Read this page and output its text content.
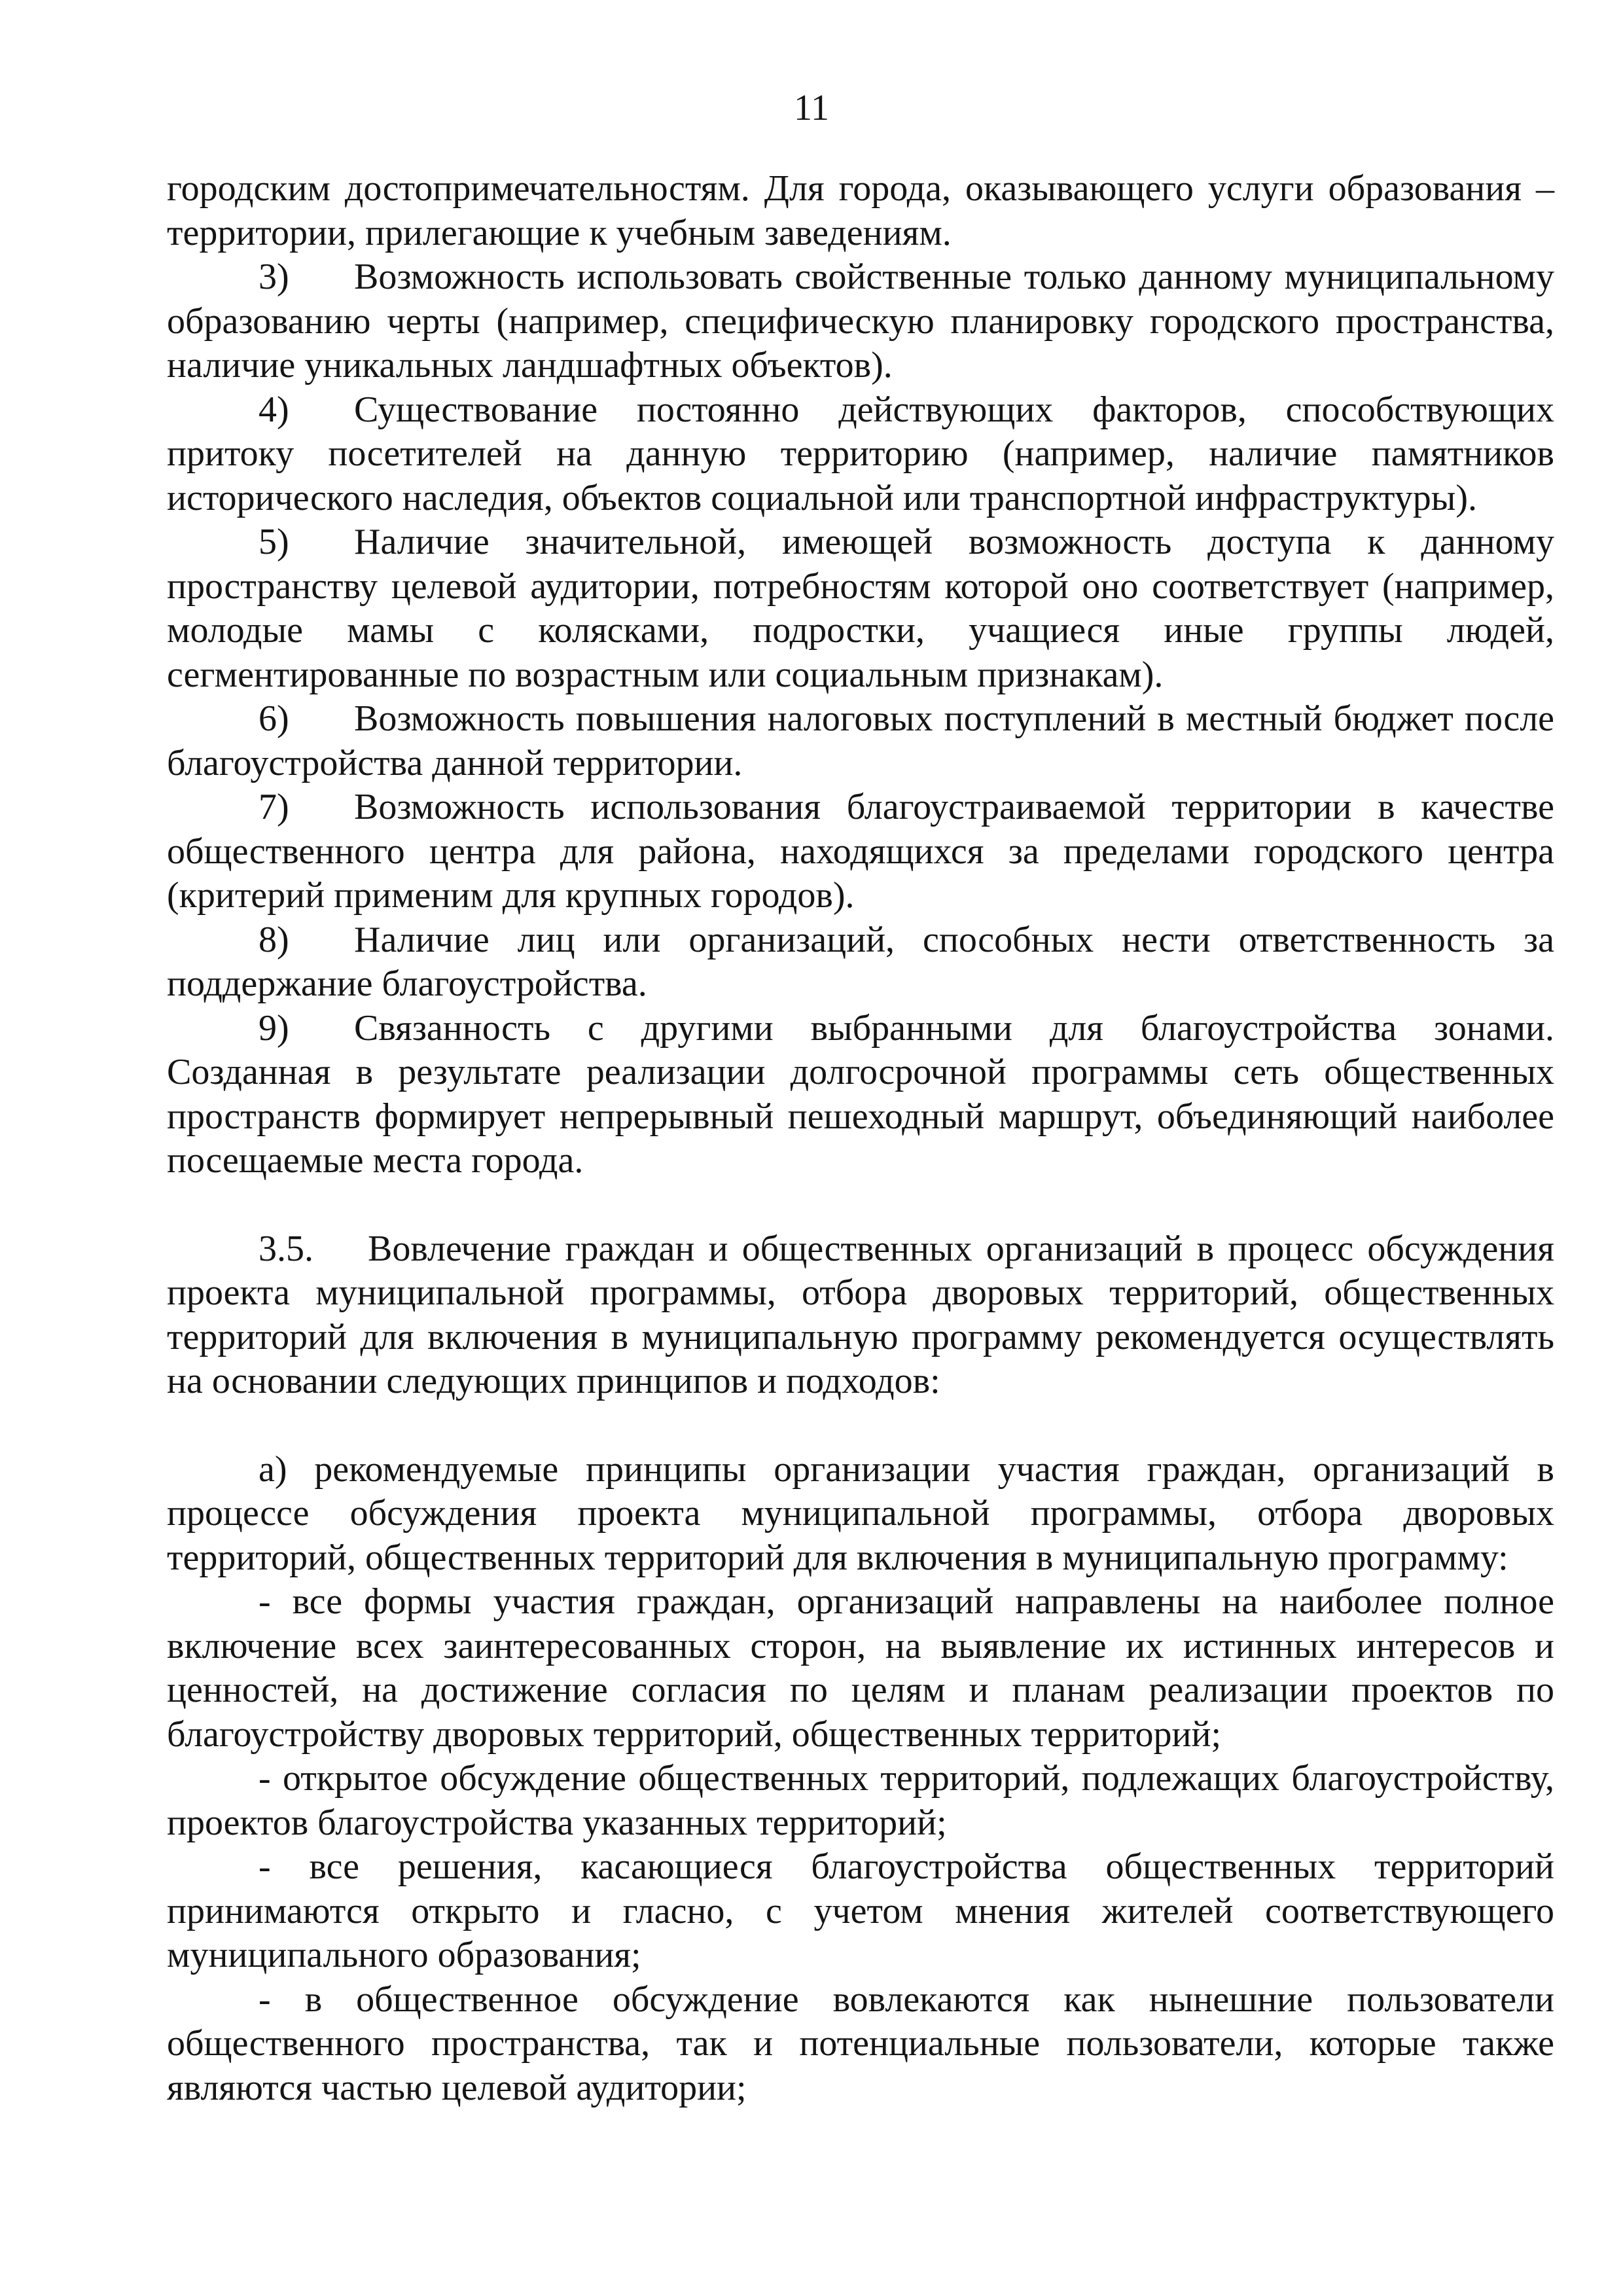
11

городским достопримечательностям. Для города, оказывающего услуги образования – территории, прилегающие к учебным заведениям.

3) Возможность использовать свойственные только данному муниципальному образованию черты (например, специфическую планировку городского пространства, наличие уникальных ландшафтных объектов).

4) Существование постоянно действующих факторов, способствующих притоку посетителей на данную территорию (например, наличие памятников исторического наследия, объектов социальной или транспортной инфраструктуры).

5) Наличие значительной, имеющей возможность доступа к данному пространству целевой аудитории, потребностям которой оно соответствует (например, молодые мамы с колясками, подростки, учащиеся иные группы людей, сегментированные по возрастным или социальным признакам).

6) Возможность повышения налоговых поступлений в местный бюджет после благоустройства данной территории.

7) Возможность использования благоустраиваемой территории в качестве общественного центра для района, находящихся за пределами городского центра (критерий применим для крупных городов).

8) Наличие лиц или организаций, способных нести ответственность за поддержание благоустройства.

9) Связанность с другими выбранными для благоустройства зонами. Созданная в результате реализации долгосрочной программы сеть общественных пространств формирует непрерывный пешеходный маршрут, объединяющий наиболее посещаемые места города.

3.5. Вовлечение граждан и общественных организаций в процесс обсуждения проекта муниципальной программы, отбора дворовых территорий, общественных территорий для включения в муниципальную программу рекомендуется осуществлять на основании следующих принципов и подходов:

а) рекомендуемые принципы организации участия граждан, организаций в процессе обсуждения проекта муниципальной программы, отбора дворовых территорий, общественных территорий для включения в муниципальную программу:

- все формы участия граждан, организаций направлены на наиболее полное включение всех заинтересованных сторон, на выявление их истинных интересов и ценностей, на достижение согласия по целям и планам реализации проектов по благоустройству дворовых территорий, общественных территорий;

- открытое обсуждение общественных территорий, подлежащих благоустройству, проектов благоустройства указанных территорий;

- все решения, касающиеся благоустройства общественных территорий принимаются открыто и гласно, с учетом мнения жителей соответствующего муниципального образования;

- в общественное обсуждение вовлекаются как нынешние пользователи общественного пространства, так и потенциальные пользователи, которые также являются частью целевой аудитории;
